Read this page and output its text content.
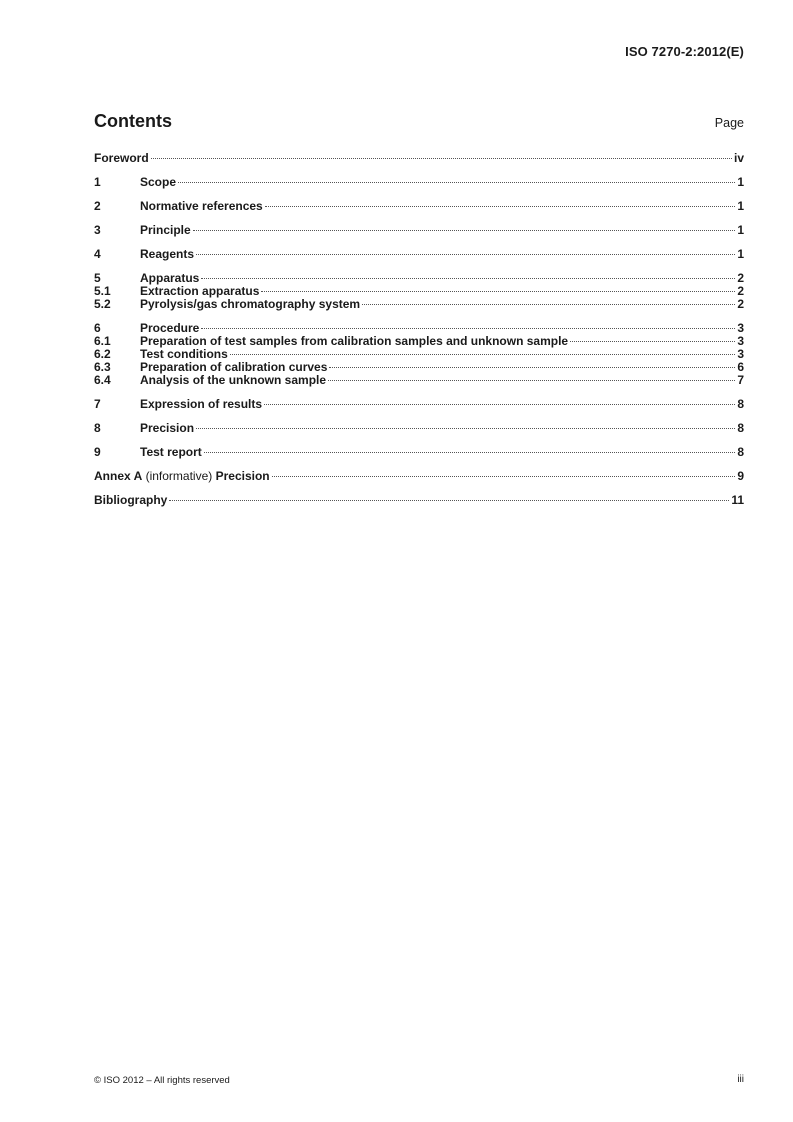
ISO 7270-2:2012(E)
Contents	Page
Foreword	iv
1	Scope	1
2	Normative references	1
3	Principle	1
4	Reagents	1
5	Apparatus	2
5.1	Extraction apparatus	2
5.2	Pyrolysis/gas chromatography system	2
6	Procedure	3
6.1	Preparation of test samples from calibration samples and unknown sample	3
6.2	Test conditions	3
6.3	Preparation of calibration curves	6
6.4	Analysis of the unknown sample	7
7	Expression of results	8
8	Precision	8
9	Test report	8
Annex A (informative) Precision	9
Bibliography	11
© ISO 2012 – All rights reserved	iii
